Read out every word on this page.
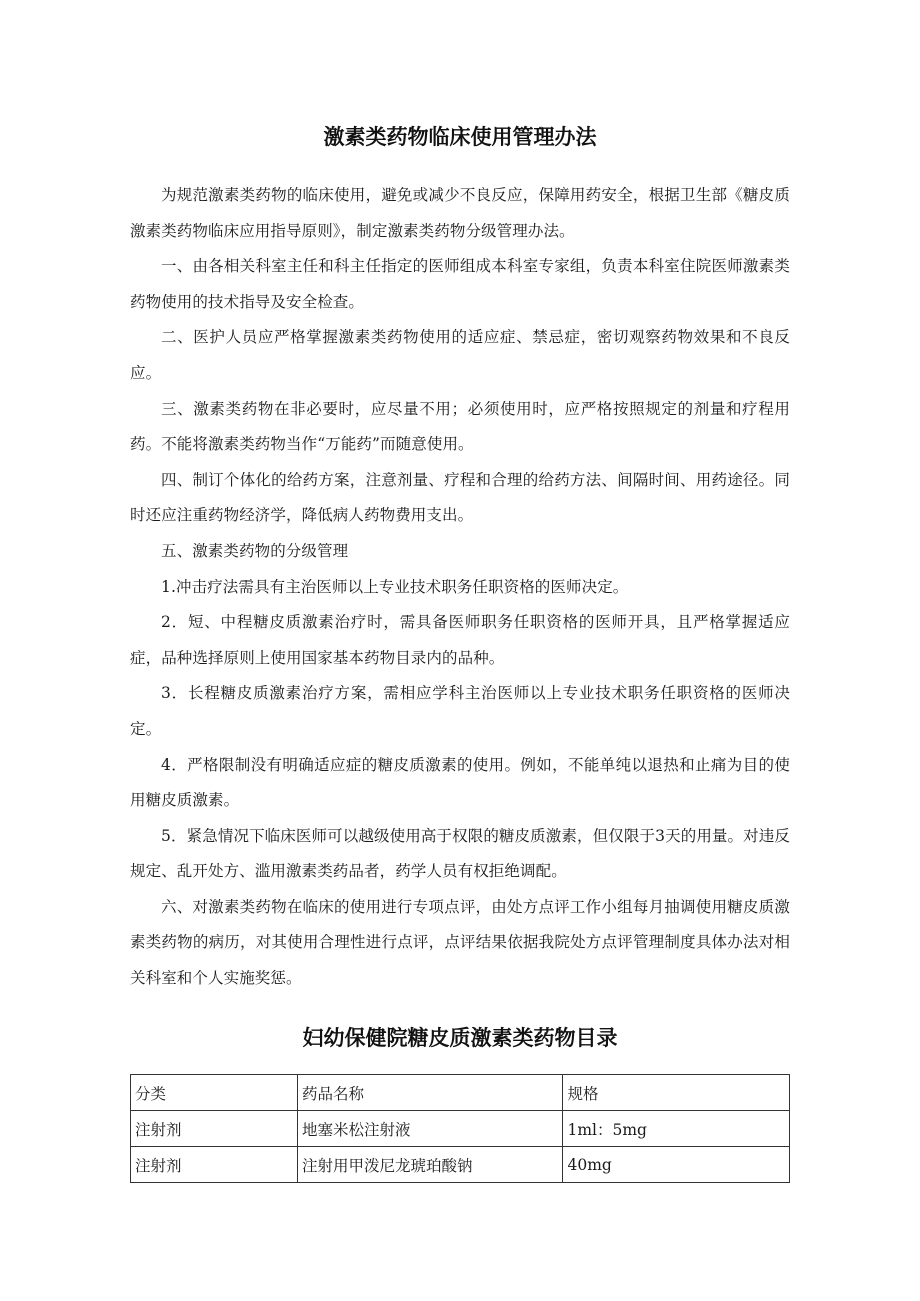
激素类药物临床使用管理办法

为规范激素类药物的临床使用，避免或减少不良反应，保障用药安全，根据卫生部《糖皮质激素类药物临床应用指导原则》，制定激素类药物分级管理办法。

一、由各相关科室主任和科主任指定的医师组成本科室专家组，负责本科室住院医师激素类药物使用的技术指导及安全检查。

二、医护人员应严格掌握激素类药物使用的适应症、禁忌症，密切观察药物效果和不良反应。

三、激素类药物在非必要时，应尽量不用；必须使用时，应严格按照规定的剂量和疗程用药。不能将激素类药物当作“万能药”而随意使用。

四、制订个体化的给药方案，注意剂量、疗程和合理的给药方法、间隔时间、用药途径。同时还应注重药物经济学，降低病人药物费用支出。

五、激素类药物的分级管理

1.冲击疗法需具有主治医师以上专业技术职务任职资格的医师决定。

2．短、中程糖皮质激素治疗时，需具备医师职务任职资格的医师开具，且严格掌握适应症，品种选择原则上使用国家基本药物目录内的品种。

3．长程糖皮质激素治疗方案，需相应学科主治医师以上专业技术职务任职资格的医师决定。

4．严格限制没有明确适应症的糖皮质激素的使用。例如，不能单纯以退热和止痛为目的使用糖皮质激素。

5．紧急情况下临床医师可以越级使用高于权限的糖皮质激素，但仅限于3天的用量。对违反规定、乱开处方、滥用激素类药品者，药学人员有权拒绝调配。

六、对激素类药物在临床的使用进行专项点评，由处方点评工作小组每月抽调使用糖皮质激素类药物的病历，对其使用合理性进行点评，点评结果依据我院处方点评管理制度具体办法对相关科室和个人实施奖惩。

妇幼保健院糖皮质激素类药物目录
分类	药品名称	规格
注射剂	地塞米松注射液	1ml：5mg
注射剂	注射用甲泼尼龙琥珀酸钠	40mg
